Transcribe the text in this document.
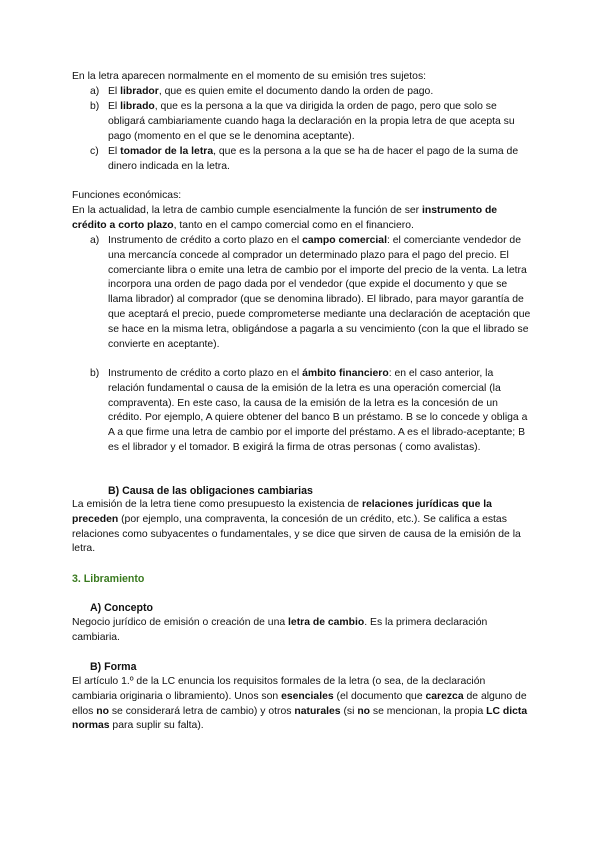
En la letra aparecen normalmente en el momento de su emisión tres sujetos:

a) El librador, que es quien emite el documento dando la orden de pago.
b) El librado, que es la persona a la que va dirigida la orden de pago, pero que solo se obligará cambiariamente cuando haga la declaración en la propia letra de que acepta su pago (momento en el que se le denomina aceptante).
c) El tomador de la letra, que es la persona a la que se ha de hacer el pago de la suma de dinero indicada en la letra.

Funciones económicas:

En la actualidad, la letra de cambio cumple esencialmente la función de ser instrumento de crédito a corto plazo, tanto en el campo comercial como en el financiero.

a) Instrumento de crédito a corto plazo en el campo comercial: el comerciante vendedor de una mercancía concede al comprador un determinado plazo para el pago del precio. El comerciante libra o emite una letra de cambio por el importe del precio de la venta. La letra incorpora una orden de pago dada por el vendedor (que expide el documento y que se llama librador) al comprador (que se denomina librado). El librado, para mayor garantía de que aceptará el precio, puede comprometerse mediante una declaración de aceptación que se hace en la misma letra, obligándose a pagarla a su vencimiento (con la que el librado se convierte en aceptante).
b) Instrumento de crédito a corto plazo en el ámbito financiero: en el caso anterior, la relación fundamental o causa de la emisión de la letra es una operación comercial (la compraventa). En este caso, la causa de la emisión de la letra es la concesión de un crédito. Por ejemplo, A quiere obtener del banco B un préstamo. B se lo concede y obliga a A a que firme una letra de cambio por el importe del préstamo. A es el librado-aceptante; B es el librador y el tomador. B exigirá la firma de otras personas ( como avalistas).
B) Causa de las obligaciones cambiarias

La emisión de la letra tiene como presupuesto la existencia de relaciones jurídicas que la preceden (por ejemplo, una compraventa, la concesión de un crédito, etc.). Se califica a estas relaciones como subyacentes o fundamentales, y se dice que sirven de causa de la emisión de la letra.

3. Libramiento
A) Concepto

Negocio jurídico de emisión o creación de una letra de cambio. Es la primera declaración cambiaria.

B) Forma

El artículo 1.º de la LC enuncia los requisitos formales de la letra (o sea, de la declaración cambiaria originaria o libramiento). Unos son esenciales (el documento que carezca de alguno de ellos no se considerará letra de cambio) y otros naturales (si no se mencionan, la propia LC dicta normas para suplir su falta).
